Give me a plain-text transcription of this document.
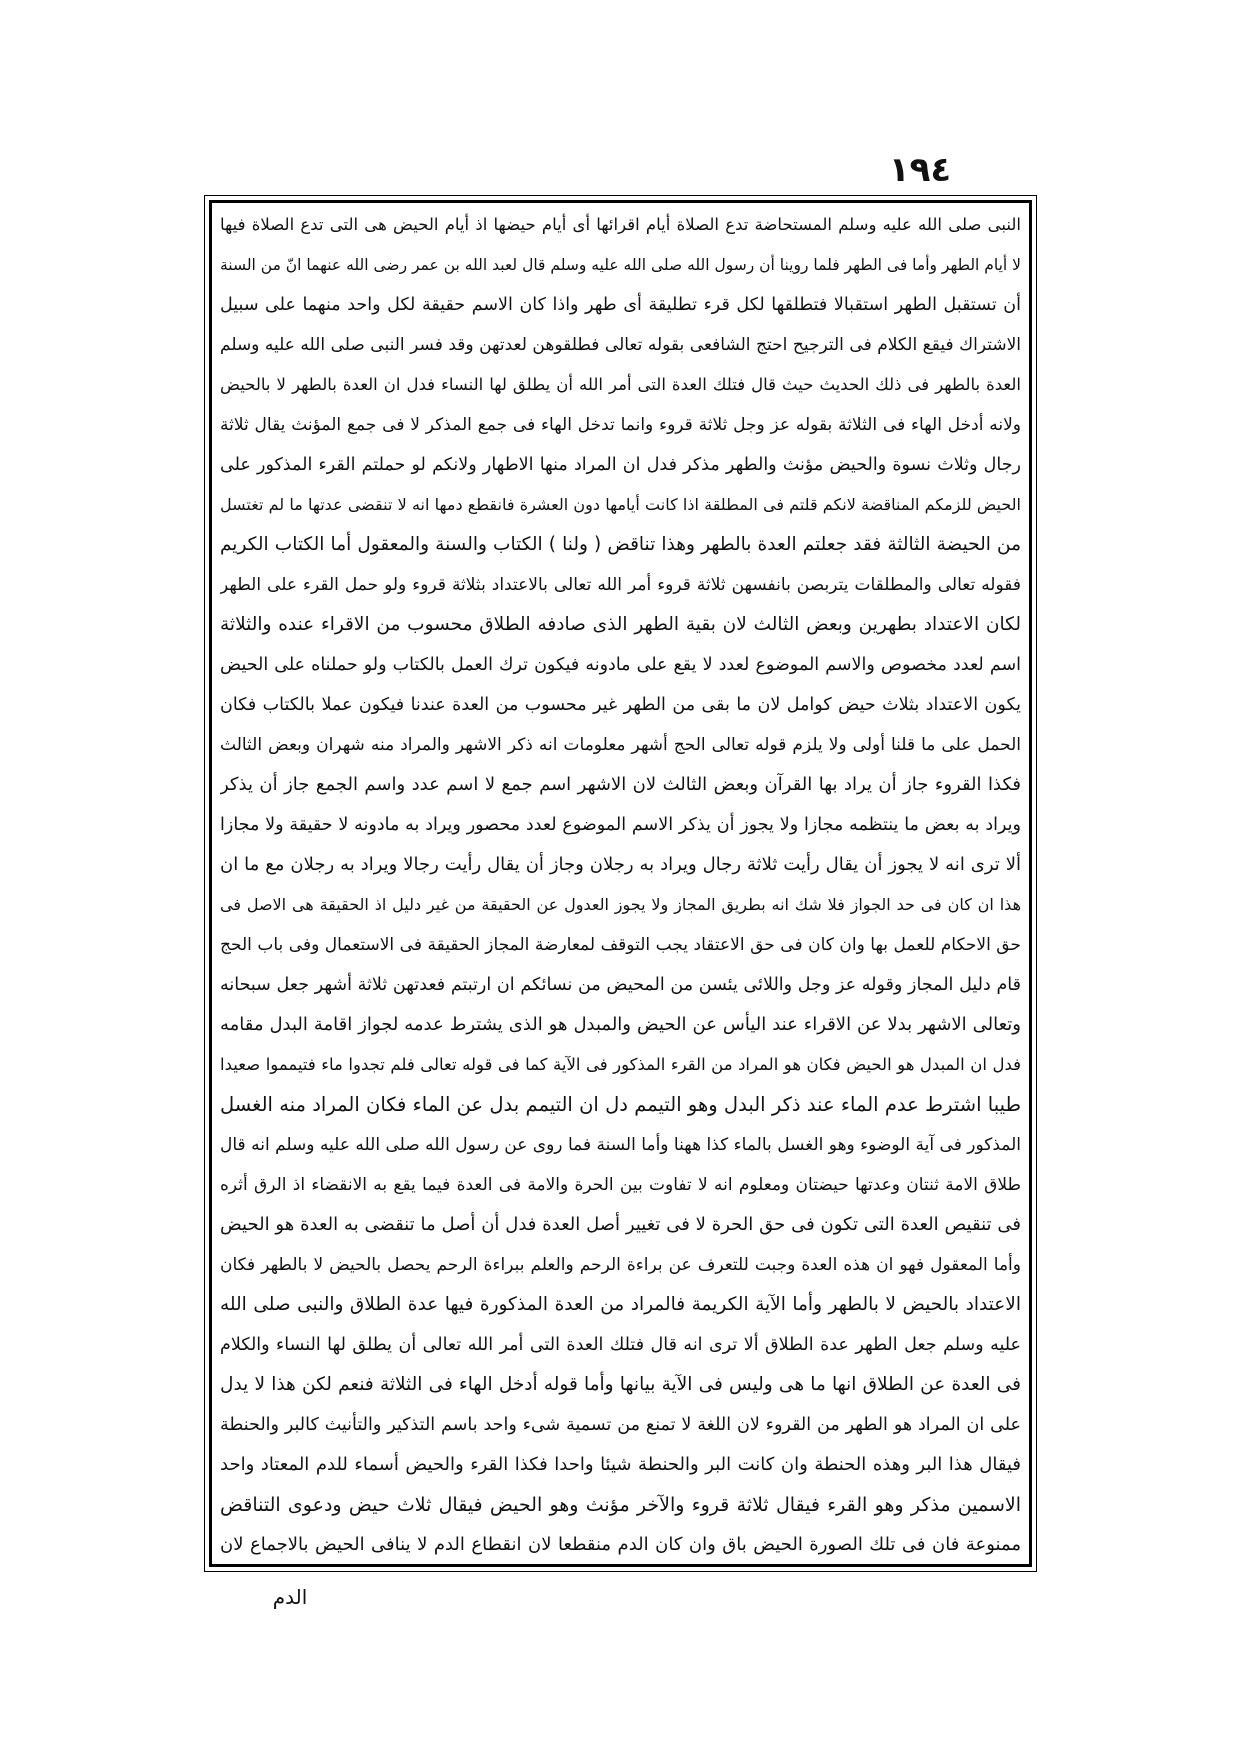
١٩٤
النبى صلى الله عليه وسلم المستحاضة تدع الصلاة أيام اقرائها أى أيام حيضها اذ أيام الحيض هى التى تدع الصلاة فيها
لا أيام الطهر وأما فى الطهر فلما روينا أن رسول الله صلى الله عليه وسلم قال لعبد الله بن عمر رضى الله عنهما انّ من السنة
أن تستقبل الطهر استقبالا فتطلقها لكل قرء تطليقة أى طهر واذا كان الاسم حقيقة لكل واحد منهما على سبيل
الاشتراك فيقع الكلام فى الترجيح احتج الشافعى بقوله تعالى فطلقوهن لعدتهن وقد فسر النبى صلى الله عليه وسلم
العدة بالطهر فى ذلك الحديث حيث قال فتلك العدة التى أمر الله أن يطلق لها النساء فدل ان العدة بالطهر لا بالحيض
ولانه أدخل الهاء فى الثلاثة بقوله عز وجل ثلاثة قروء وانما تدخل الهاء فى جمع المذكر لا فى جمع المؤنث يقال ثلاثة
رجال وثلاث نسوة والحيض مؤنث والطهر مذكر فدل ان المراد منها الاطهار ولانكم لو حملتم القرء المذكور على
الحيض للزمكم المناقضة لانكم قلتم فى المطلقة اذا كانت أيامها دون العشرة فانقطع دمها انه لا تنقضى عدتها ما لم تغتسل
من الحيضة الثالثة فقد جعلتم العدة بالطهر وهذا تناقض ( ولنا ) الكتاب والسنة والمعقول أما الكتاب الكريم
فقوله تعالى والمطلقات يتربصن بانفسهن ثلاثة قروء أمر الله تعالى بالاعتداد بثلاثة قروء ولو حمل القرء على الطهر
لكان الاعتداد بطهرين وبعض الثالث لان بقية الطهر الذى صادفه الطلاق محسوب من الاقراء عنده والثلاثة
اسم لعدد مخصوص والاسم الموضوع لعدد لا يقع على مادونه فيكون ترك العمل بالكتاب ولو حملناه على الحيض
يكون الاعتداد بثلاث حيض كوامل لان ما بقى من الطهر غير محسوب من العدة عندنا فيكون عملا بالكتاب فكان
الحمل على ما قلنا أولى ولا يلزم قوله تعالى الحج أشهر معلومات انه ذكر الاشهر والمراد منه شهران وبعض الثالث
فكذا القروء جاز أن يراد بها القرآن وبعض الثالث لان الاشهر اسم جمع لا اسم عدد واسم الجمع جاز أن يذكر
ويراد به بعض ما ينتظمه مجازا ولا يجوز أن يذكر الاسم الموضوع لعدد محصور ويراد به مادونه لا حقيقة ولا مجازا
ألا ترى انه لا يجوز أن يقال رأيت ثلاثة رجال ويراد به رجلان وجاز أن يقال رأيت رجالا ويراد به رجلان مع ما ان
هذا ان كان فى حد الجواز فلا شك انه بطريق المجاز ولا يجوز العدول عن الحقيقة من غير دليل اذ الحقيقة هى الاصل فى
حق الاحكام للعمل بها وان كان فى حق الاعتقاد يجب التوقف لمعارضة المجاز الحقيقة فى الاستعمال وفى باب الحج
قام دليل المجاز وقوله عز وجل واللائى يئسن من المحيض من نسائكم ان ارتبتم فعدتهن ثلاثة أشهر جعل سبحانه
وتعالى الاشهر بدلا عن الاقراء عند اليأس عن الحيض والمبدل هو الذى يشترط عدمه لجواز اقامة البدل مقامه
فدل ان المبدل هو الحيض فكان هو المراد من القرء المذكور فى الآية كما فى قوله تعالى فلم تجدوا ماء فتيمموا صعيدا
طيبا اشترط عدم الماء عند ذكر البدل وهو التيمم دل ان التيمم بدل عن الماء فكان المراد منه الغسل
المذكور فى آية الوضوء وهو الغسل بالماء كذا ههنا وأما السنة فما روى عن رسول الله صلى الله عليه وسلم انه قال
طلاق الامة ثنتان وعدتها حيضتان ومعلوم انه لا تفاوت بين الحرة والامة فى العدة فيما يقع به الانقضاء اذ الرق أثره
فى تنقيص العدة التى تكون فى حق الحرة لا فى تغيير أصل العدة فدل أن أصل ما تنقضى به العدة هو الحيض
وأما المعقول فهو ان هذه العدة وجبت للتعرف عن براءة الرحم والعلم ببراءة الرحم يحصل بالحيض لا بالطهر فكان
الاعتداد بالحيض لا بالطهر وأما الآية الكريمة فالمراد من العدة المذكورة فيها عدة الطلاق والنبى صلى الله
عليه وسلم جعل الطهر عدة الطلاق ألا ترى انه قال فتلك العدة التى أمر الله تعالى أن يطلق لها النساء والكلام
فى العدة عن الطلاق انها ما هى وليس فى الآية بيانها وأما قوله أدخل الهاء فى الثلاثة فنعم لكن هذا لا يدل
على ان المراد هو الطهر من القروء لان اللغة لا تمنع من تسمية شىء واحد باسم التذكير والتأنيث كالبر والحنطة
فيقال هذا البر وهذه الحنطة وان كانت البر والحنطة شيئا واحدا فكذا القرء والحيض أسماء للدم المعتاد واحد
الاسمين مذكر وهو القرء فيقال ثلاثة قروء والآخر مؤنث وهو الحيض فيقال ثلاث حيض ودعوى التناقض
ممنوعة فان فى تلك الصورة الحيض باق وان كان الدم منقطعا لان انقطاع الدم لا ينافى الحيض بالاجماع لان
الدم
